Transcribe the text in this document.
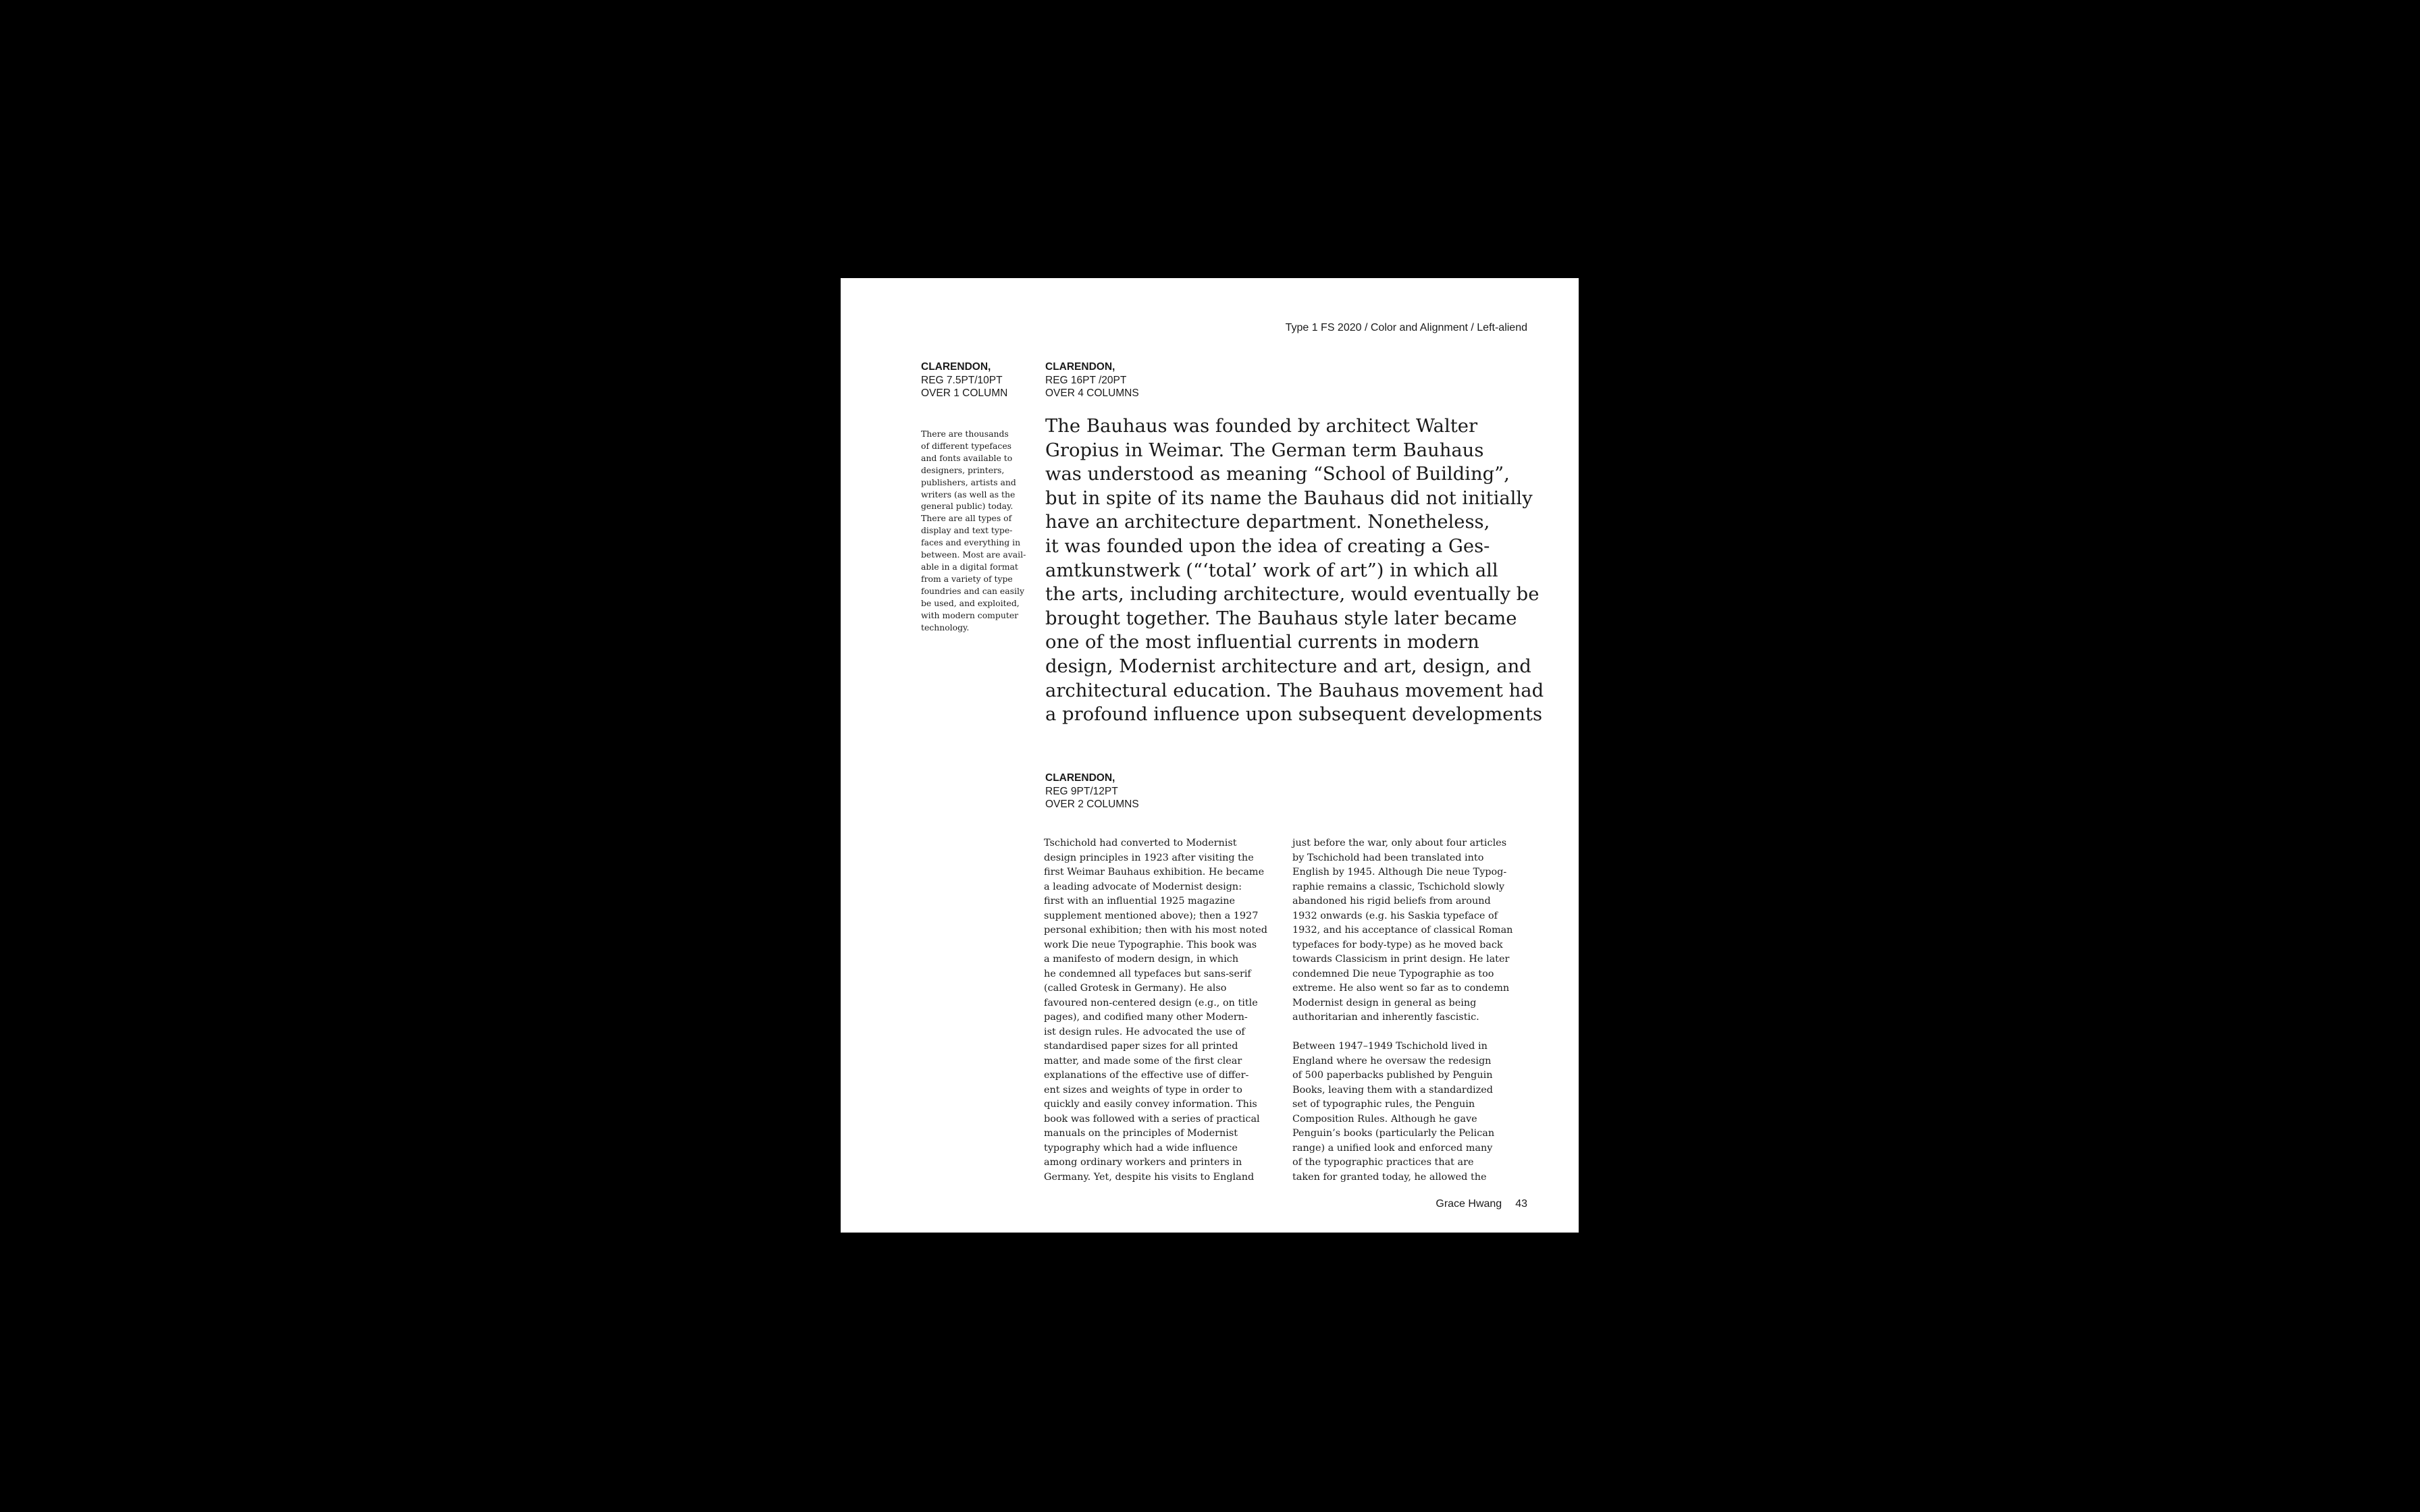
Type 1 FS 2020 / Color and Alignment / Left-aliend
CLARENDON,
REG 7.5PT/10PT
OVER 1 COLUMN
CLARENDON,
REG 16PT /20PT
OVER 4 COLUMNS
There are thousands
of different typefaces
and fonts available to
designers, printers,
publishers, artists and
writers (as well as the
general public) today.
There are all types of
display and text type-
faces and everything in
between. Most are avail-
able in a digital format
from a variety of type
foundries and can easily
be used, and exploited,
with modern computer
technology.
The Bauhaus was founded by architect Walter
Gropius in Weimar. The German term Bauhaus
was understood as meaning “School of Building”,
but in spite of its name the Bauhaus did not initially
have an architecture department. Nonetheless,
it was founded upon the idea of creating a Ges-
amtkunstwerk (“‘total’ work of art”) in which all
the arts, including architecture, would eventually be
brought together. The Bauhaus style later became
one of the most influential currents in modern
design, Modernist architecture and art, design, and
architectural education. The Bauhaus movement had
a profound influence upon subsequent developments
CLARENDON,
REG 9PT/12PT
OVER 2 COLUMNS
Tschichold had converted to Modernist
design principles in 1923 after visiting the
first Weimar Bauhaus exhibition. He became
a leading advocate of Modernist design:
first with an influential 1925 magazine
supplement mentioned above); then a 1927
personal exhibition; then with his most noted
work Die neue Typographie. This book was
a manifesto of modern design, in which
he condemned all typefaces but sans-serif
(called Grotesk in Germany). He also
favoured non-centered design (e.g., on title
pages), and codified many other Modern-
ist design rules. He advocated the use of
standardised paper sizes for all printed
matter, and made some of the first clear
explanations of the effective use of differ-
ent sizes and weights of type in order to
quickly and easily convey information. This
book was followed with a series of practical
manuals on the principles of Modernist
typography which had a wide influence
among ordinary workers and printers in
Germany. Yet, despite his visits to England
just before the war, only about four articles
by Tschichold had been translated into
English by 1945. Although Die neue Typog-
raphie remains a classic, Tschichold slowly
abandoned his rigid beliefs from around
1932 onwards (e.g. his Saskia typeface of
1932, and his acceptance of classical Roman
typefaces for body-type) as he moved back
towards Classicism in print design. He later
condemned Die neue Typographie as too
extreme. He also went so far as to condemn
Modernist design in general as being
authoritarian and inherently fascistic.
Between 1947–1949 Tschichold lived in
England where he oversaw the redesign
of 500 paperbacks published by Penguin
Books, leaving them with a standardized
set of typographic rules, the Penguin
Composition Rules. Although he gave
Penguin’s books (particularly the Pelican
range) a unified look and enforced many
of the typographic practices that are
taken for granted today, he allowed the
Grace Hwang 43
